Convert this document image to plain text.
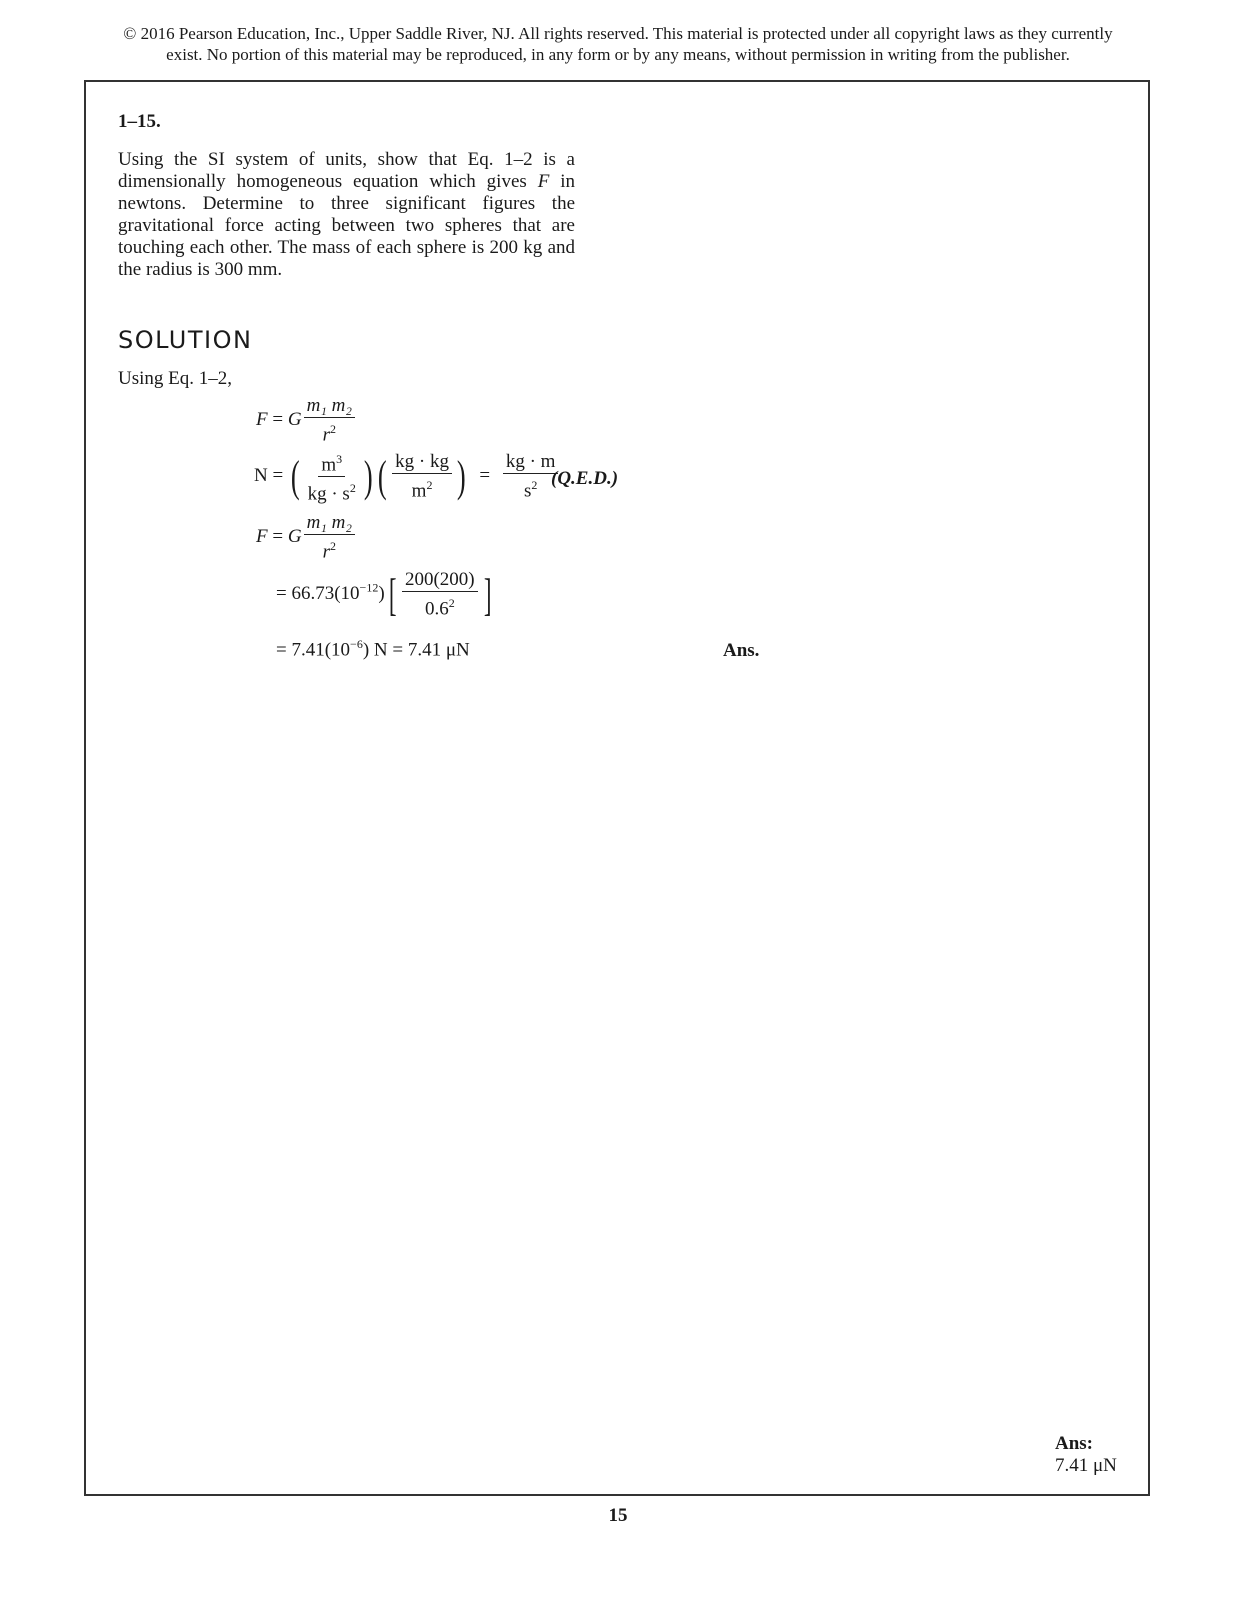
© 2016 Pearson Education, Inc., Upper Saddle River, NJ. All rights reserved. This material is protected under all copyright laws as they currently
exist. No portion of this material may be reproduced, in any form or by any means, without permission in writing from the publisher.
1–15.

Using the SI system of units, show that Eq. 1–2 is a dimensionally homogeneous equation which gives F in newtons. Determine to three significant figures the gravitational force acting between two spheres that are touching each other. The mass of each sphere is 200 kg and the radius is 300 mm.

SOLUTION
Using Eq. 1–2,
F = G $\frac{\text{m₁ m₂}}{r^2}$
N = ( $\frac{m^3}{kg \cdot s^2}$ ) ( $\frac{kg \cdot kg}{m^2}$ ) = $\frac{kg \cdot m}{s^2}$
(Q.E.D.)
F = G $\frac{\text{m₁ m₂}}{r^2}$
= $66.73(10^{-12})[ \frac{200(200)}{0.6^2}$ ]
= $7.41(10^{-6}) N = 7.41$ μN	Ans.
Ans:
7.41 μN
15
